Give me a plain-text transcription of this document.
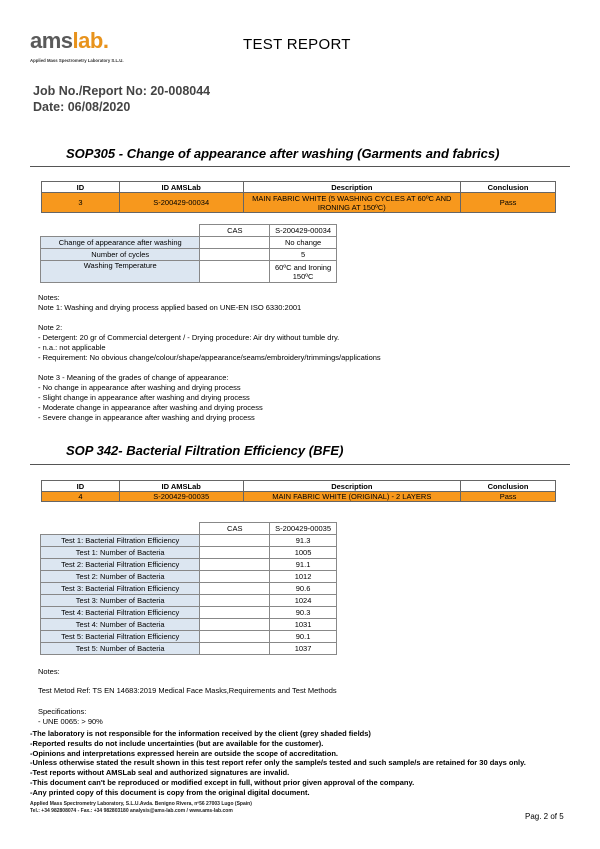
amslab.
Applied Mass Spectrometry Laboratory S.L.U.
TEST REPORT
Job No./Report No: 20-008044
Date: 06/08/2020
SOP305 - Change of appearance after washing (Garments and fabrics)
ID	ID AMSLab	Description	Conclusion
3	S-200429-00034	MAIN FABRIC WHITE (5 WASHING CYCLES AT 60ºC AND IRONING AT 150ºC)	Pass
	CAS	S-200429-00034
Change of appearance after washing		No change
Number of cycles		5
Washing Temperature		60ºC and Ironing 150ºC
Notes:
Note 1: Washing and drying process applied based on UNE-EN ISO 6330:2001

Note 2:
- Detergent: 20 gr of Commercial detergent / - Drying procedure: Air dry without tumble dry.
- n.a.: not applicable
- Requirement: No obvious change/colour/shape/appearance/seams/embroidery/trimmings/applications

Note 3 - Meaning of the grades of change of appearance:
- No change in appearance after washing and drying process
- Slight change in appearance after washing and drying process
- Moderate change in appearance after washing and drying process
- Severe change in appearance after washing and drying process
SOP 342- Bacterial Filtration Efficiency (BFE)
ID	ID AMSLab	Description	Conclusion
4	S-200429-00035	MAIN FABRIC WHITE (ORIGINAL) - 2 LAYERS	Pass
	CAS	S-200429-00035
Test 1: Bacterial Filtration Efficiency		91.3
Test 1: Number of Bacteria		1005
Test 2: Bacterial Filtration Efficiency		91.1
Test 2: Number of Bacteria		1012
Test 3: Bacterial Filtration Efficiency		90.6
Test 3: Number of Bacteria		1024
Test 4: Bacterial Filtration Efficiency		90.3
Test 4: Number of Bacteria		1031
Test 5: Bacterial Filtration Efficiency		90.1
Test 5: Number of Bacteria		1037
Notes:
Test Metod Ref: TS EN 14683:2019 Medical Face Masks,Requirements and Test Methods
Specifications:
- UNE 0065: > 90%
-The laboratory is not responsible for the information received by the client (grey shaded fields)
-Reported results do not include uncertainties (but are available for the customer).
-Opinions and interpretations expressed herein are outside the scope of accreditation.
-Unless otherwise stated the result shown in this test report refer only the sample/s tested and such sample/s are retained for 30 days only.
-Test reports without AMSLab seal and authorized signatures are invalid.
-This document can't be reproduced or modified except in full, without prior given approval of the company.
-Any printed copy of this document is copy from the original digital document.
Applied Mass Spectrometry Laboratory, S.L.U.Avda. Benigno Rivera, nº56 27003 Lugo (Spain)
Tel.: +34 982808074 - Fax.: +34 982803180 analysis@ams-lab.com / www.ams-lab.com
Pag. 2 of 5
